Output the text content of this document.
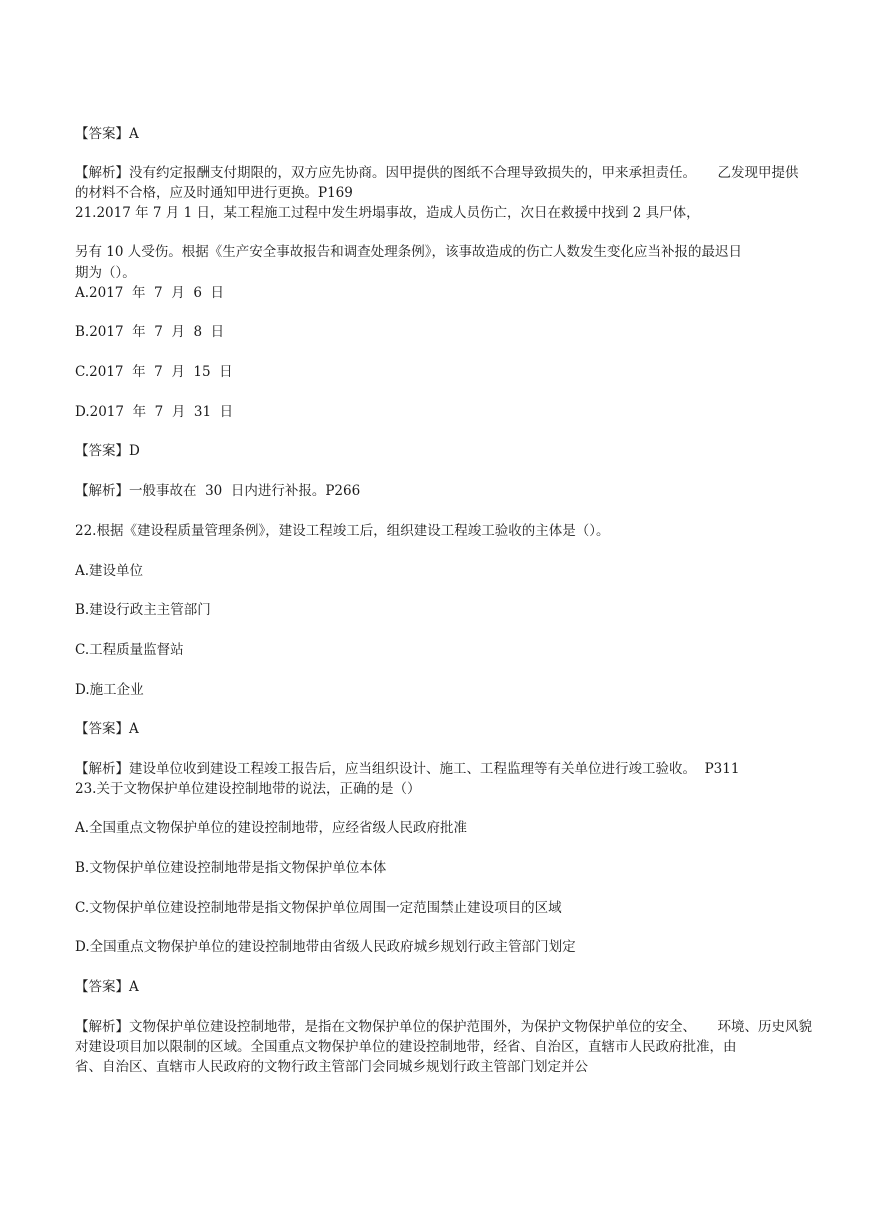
【答案】A
【解析】没有约定报酬支付期限的，双方应先协商。因甲提供的图纸不合理导致损失的，甲来承担责任。     乙发现甲提供
的材料不合格，应及时通知甲进行更换。P169
21.2017 年 7 月 1 日，某工程施工过程中发生坍塌事故，造成人员伤亡，次日在救援中找到 2 具尸体，
另有 10 人受伤。根据《生产安全事故报告和调查处理条例》，该事故造成的伤亡人数发生变化应当补报的最迟日
期为（）。
A.2017  年  7  月  6  日
B.2017  年  7  月  8  日
C.2017  年  7  月  15  日
D.2017  年  7  月  31  日
【答案】D
【解析】一般事故在  30  日内进行补报。P266
22.根据《建设程质量管理条例》，建设工程竣工后，组织建设工程竣工验收的主体是（）。
A.建设单位
B.建设行政主主管部门
C.工程质量监督站
D.施工企业
【答案】A
【解析】建设单位收到建设工程竣工报告后，应当组织设计、施工、工程监理等有关单位进行竣工验收。  P311
23.关于文物保护单位建设控制地带的说法，正确的是（）
A.全国重点文物保护单位的建设控制地带，应经省级人民政府批准
B.文物保护单位建设控制地带是指文物保护单位本体
C.文物保护单位建设控制地带是指文物保护单位周围一定范围禁止建设项目的区域
D.全国重点文物保护单位的建设控制地带由省级人民政府城乡规划行政主管部门划定
【答案】A
【解析】文物保护单位建设控制地带，是指在文物保护单位的保护范围外，为保护文物保护单位的安全、     环境、历史风貌
对建设项目加以限制的区域。全国重点文物保护单位的建设控制地带，经省、自治区，直辖市人民政府批准，由
省、自治区、直辖市人民政府的文物行政主管部门会同城乡规划行政主管部门划定并公
